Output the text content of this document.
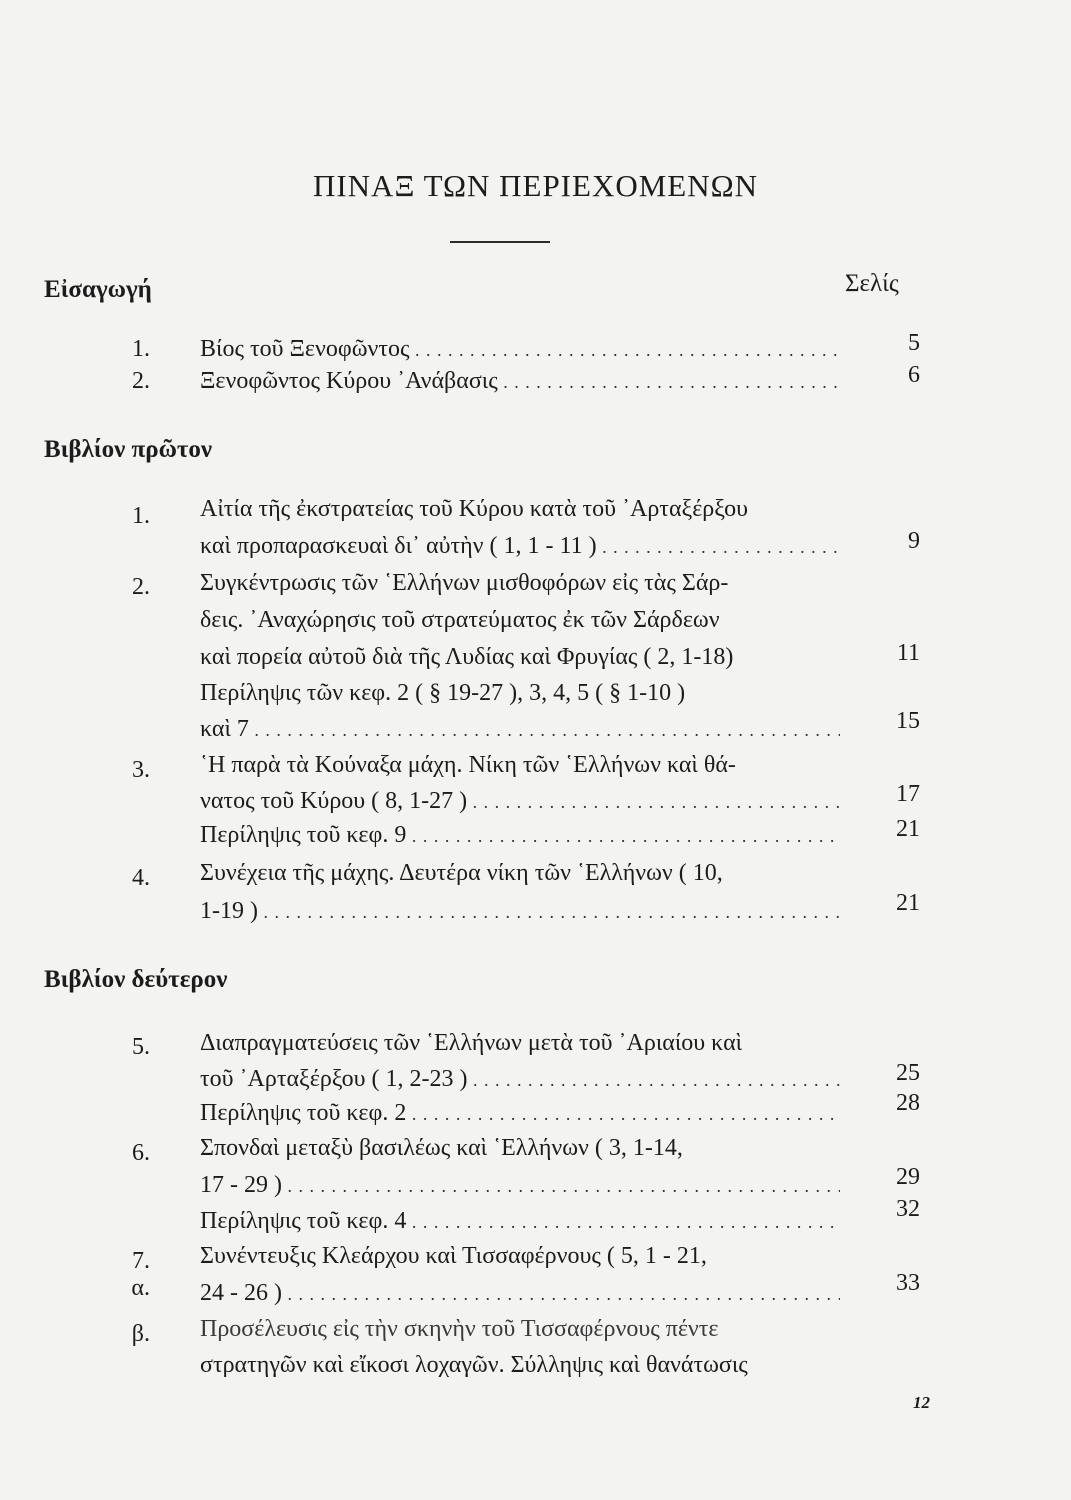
ΠΙΝΑΞ ΤΩΝ ΠΕΡΙΕΧΟΜΕΝΩΝ
Σελίς
Εἰσαγωγή
1. Βίος τοῦ Ξενοφῶντος . . .	5
2. Ξενοφῶντος Κύρου ᾿Ανάβασις . . .	6
Βιβλίον πρῶτον
1. Αἰτία τῆς ἐκστρατείας τοῦ Κύρου κατὰ τοῦ ᾿Αρταξέρξου
καὶ προπαρασκευαὶ δι᾽ αὐτὴν ( 1, 1 - 11 ) . . .	9
2. Συγκέντρωσις τῶν ῾Ελλήνων μισθοφόρων εἰς τὰς Σάρ-
δεις. ᾿Αναχώρησις τοῦ στρατεύματος ἐκ τῶν Σάρδεων
καὶ πορεία αὐτοῦ διὰ τῆς Λυδίας καὶ Φρυγίας ( 2, 1-18)	11
Περίληψις τῶν κεφ. 2 ( § 19-27 ), 3, 4, 5 ( § 1-10 )
καὶ 7 . . .	15
3. ῾Η παρὰ τὰ Κούναξα μάχη. Νίκη τῶν ῾Ελλήνων καὶ θά-
νατος τοῦ Κύρου ( 8, 1-27 ) . . .	17
Περίληψις τοῦ κεφ. 9 . . .	21
4. Συνέχεια τῆς μάχης. Δευτέρα νίκη τῶν ῾Ελλήνων ( 10,
1-19 ) . . .	21
Βιβλίον δεύτερον
5. Διαπραγματεύσεις τῶν ῾Ελλήνων μετὰ τοῦ ᾿Αριαίου καὶ
τοῦ ᾿Αρταξέρξου ( 1, 2-23 ) . . .	25
Περίληψις τοῦ κεφ. 2 . . .	28
6. Σπονδαὶ μεταξὺ βασιλέως καὶ ῾Ελλήνων ( 3, 1-14,
17 - 29 ) . . .	29
Περίληψις τοῦ κεφ. 4 . . .	32
7. α.
Συνέντευξις Κλεάρχου καὶ Τισσαφέρνους ( 5, 1 - 21,
24 - 26 ) . . .	33
β. Προσέλευσις εἰς τὴν σκηνὴν τοῦ Τισσαφέρνους πέντε
στρατηγῶν καὶ εἴκοσι λοχαγῶν. Σύλληψις καὶ θανάτωσις
12
